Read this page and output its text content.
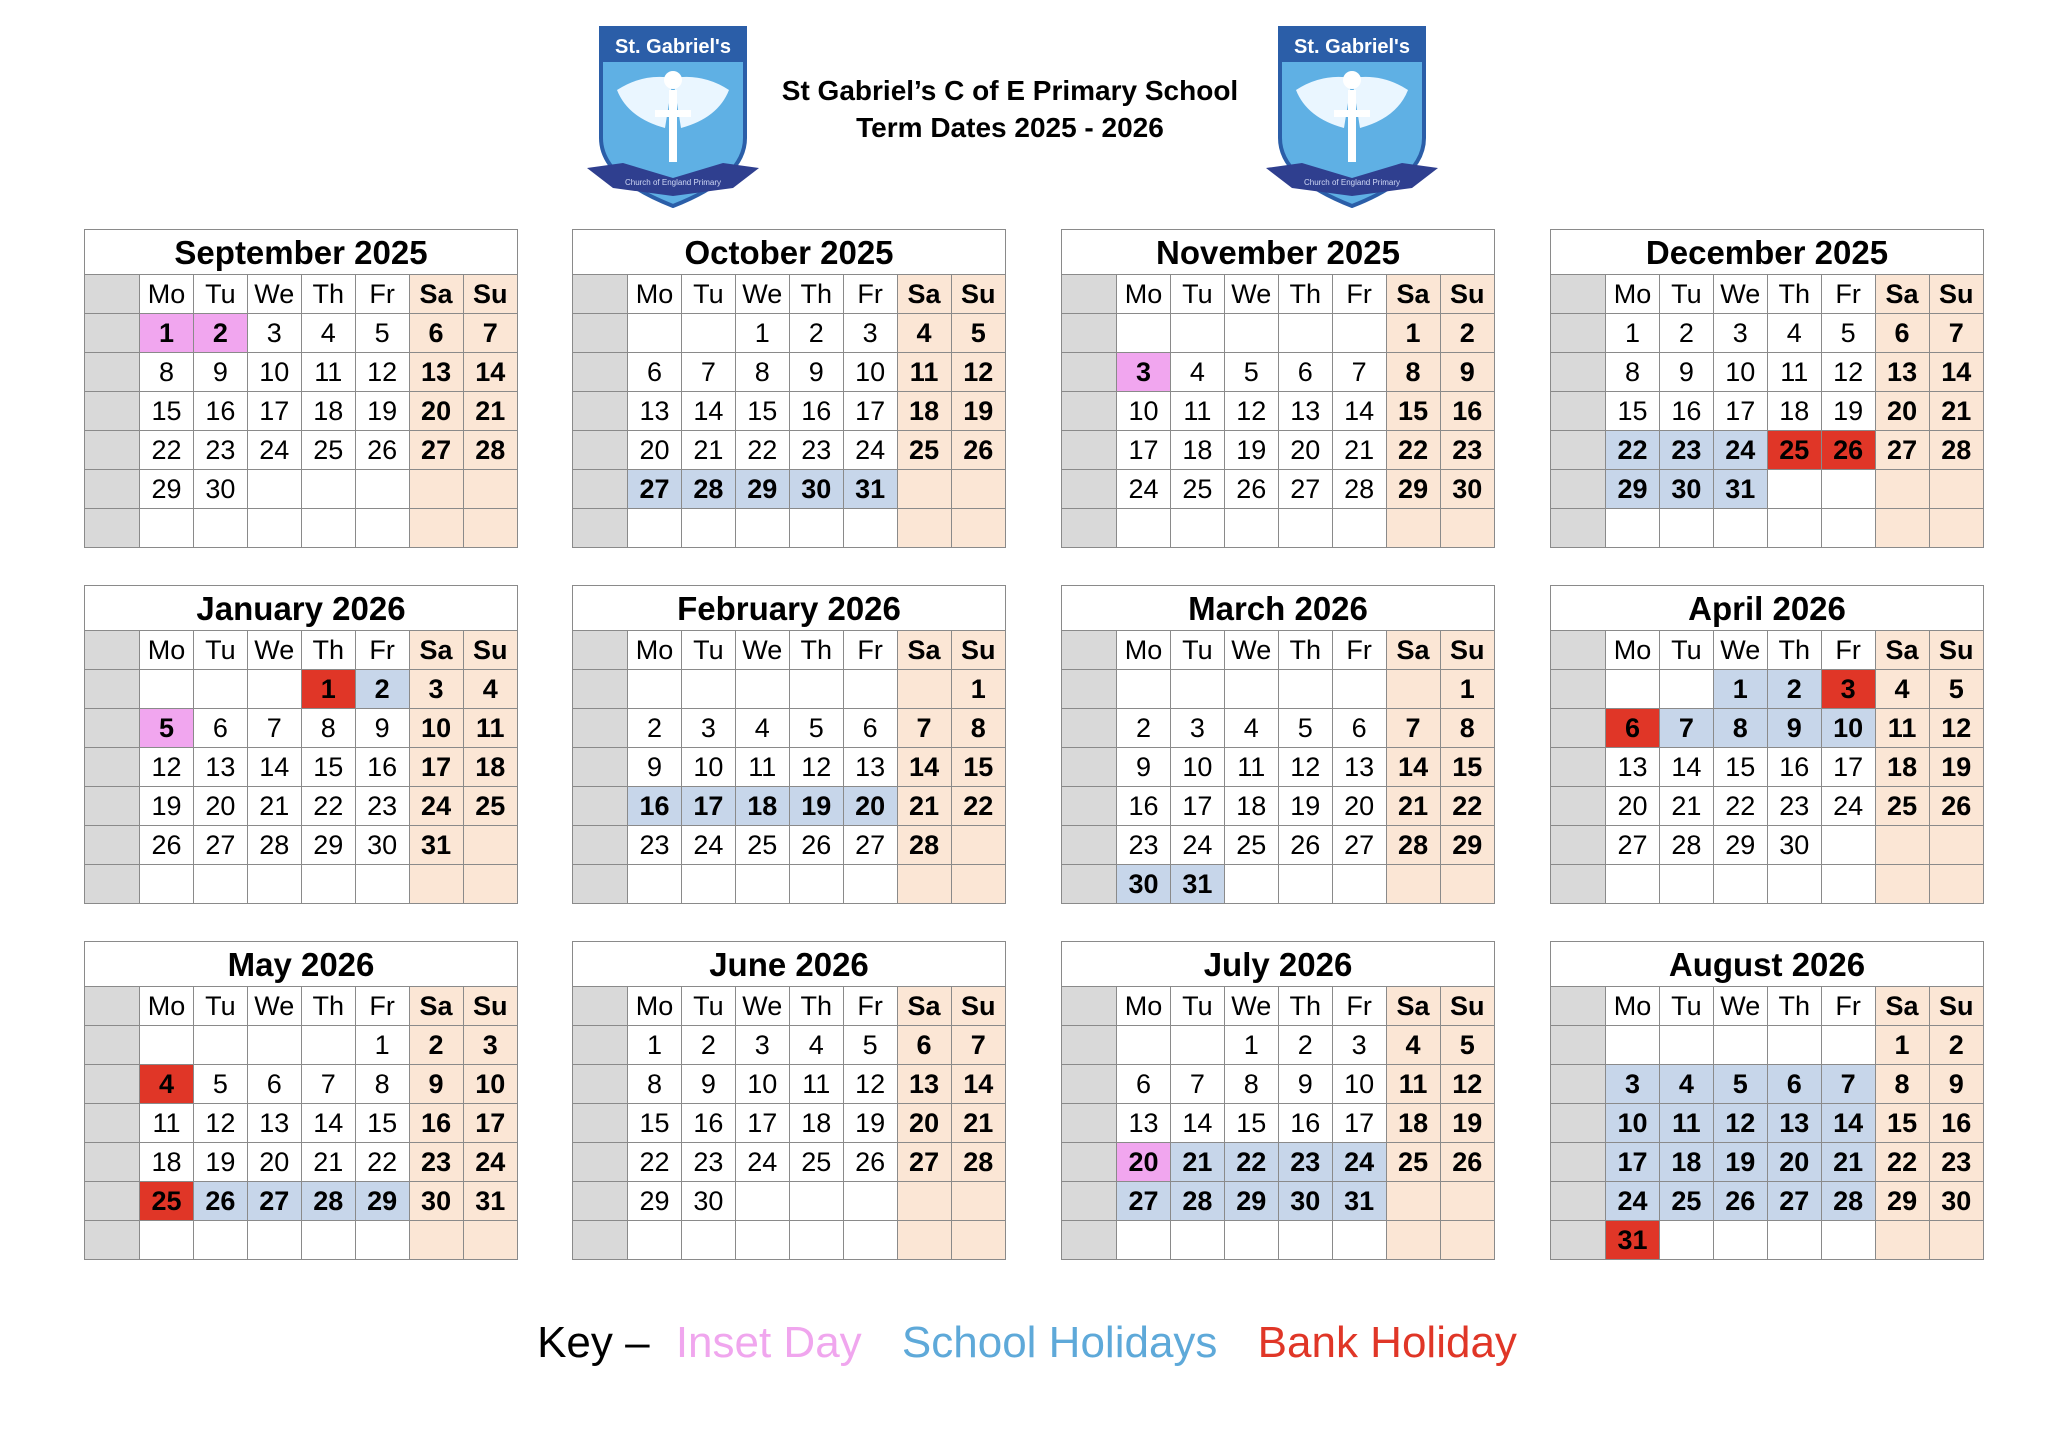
St. Gabriel's
Church of England Primary
St Gabriel’s C of E Primary School
Term Dates 2025 - 2026
St. Gabriel's
Church of England Primary
September 2025
	Mo	Tu	We	Th	Fr	Sa	Su
	1	2	3	4	5	6	7
	8	9	10	11	12	13	14
	15	16	17	18	19	20	21
	22	23	24	25	26	27	28
	29	30					

October 2025
	Mo	Tu	We	Th	Fr	Sa	Su
			1	2	3	4	5
	6	7	8	9	10	11	12
	13	14	15	16	17	18	19
	20	21	22	23	24	25	26
	27	28	29	30	31		

November 2025
	Mo	Tu	We	Th	Fr	Sa	Su
						1	2
	3	4	5	6	7	8	9
	10	11	12	13	14	15	16
	17	18	19	20	21	22	23
	24	25	26	27	28	29	30

December 2025
	Mo	Tu	We	Th	Fr	Sa	Su
	1	2	3	4	5	6	7
	8	9	10	11	12	13	14
	15	16	17	18	19	20	21
	22	23	24	25	26	27	28
	29	30	31				

January 2026
	Mo	Tu	We	Th	Fr	Sa	Su
				1	2	3	4
	5	6	7	8	9	10	11
	12	13	14	15	16	17	18
	19	20	21	22	23	24	25
	26	27	28	29	30	31	

February 2026
	Mo	Tu	We	Th	Fr	Sa	Su
							1
	2	3	4	5	6	7	8
	9	10	11	12	13	14	15
	16	17	18	19	20	21	22
	23	24	25	26	27	28	

March 2026
	Mo	Tu	We	Th	Fr	Sa	Su
							1
	2	3	4	5	6	7	8
	9	10	11	12	13	14	15
	16	17	18	19	20	21	22
	23	24	25	26	27	28	29
	30	31					
April 2026
	Mo	Tu	We	Th	Fr	Sa	Su
			1	2	3	4	5
	6	7	8	9	10	11	12
	13	14	15	16	17	18	19
	20	21	22	23	24	25	26
	27	28	29	30			

May 2026
	Mo	Tu	We	Th	Fr	Sa	Su
					1	2	3
	4	5	6	7	8	9	10
	11	12	13	14	15	16	17
	18	19	20	21	22	23	24
	25	26	27	28	29	30	31

June 2026
	Mo	Tu	We	Th	Fr	Sa	Su
	1	2	3	4	5	6	7
	8	9	10	11	12	13	14
	15	16	17	18	19	20	21
	22	23	24	25	26	27	28
	29	30					

July 2026
	Mo	Tu	We	Th	Fr	Sa	Su
			1	2	3	4	5
	6	7	8	9	10	11	12
	13	14	15	16	17	18	19
	20	21	22	23	24	25	26
	27	28	29	30	31		

August 2026
	Mo	Tu	We	Th	Fr	Sa	Su
						1	2
	3	4	5	6	7	8	9
	10	11	12	13	14	15	16
	17	18	19	20	21	22	23
	24	25	26	27	28	29	30
	31						
Key – Inset Day School Holidays Bank Holiday
